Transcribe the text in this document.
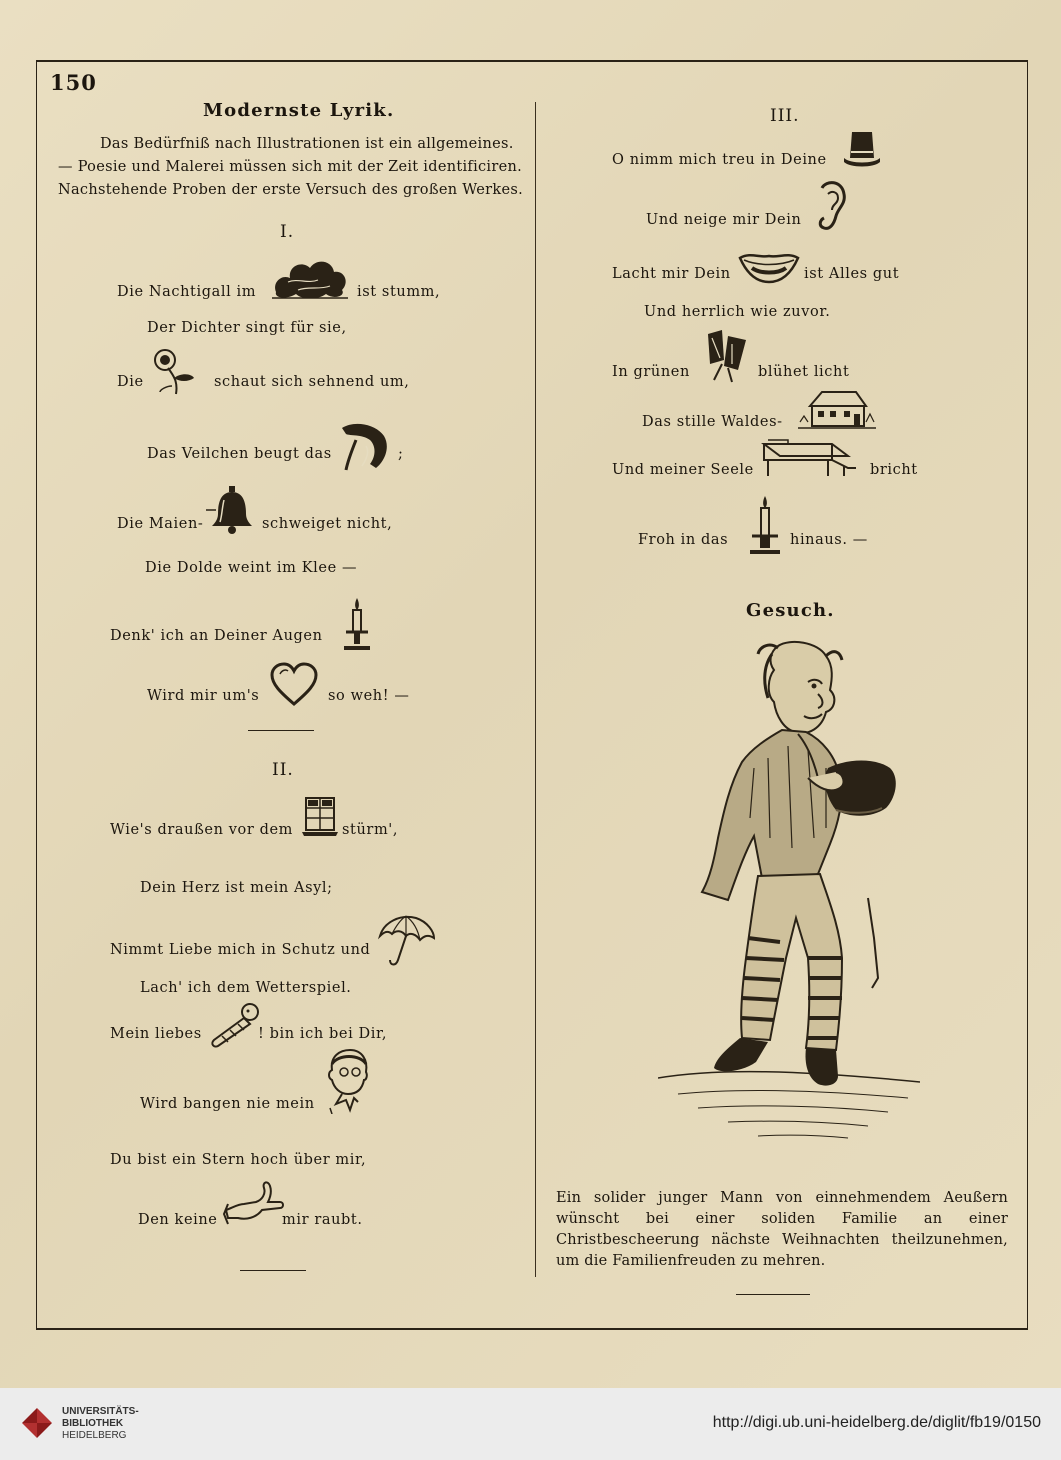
150
Modernste Lyrik.
Das Bedürfniß nach Illustrationen ist ein allgemeines.
— Poesie und Malerei müssen sich mit der Zeit identificiren.
Nachstehende Proben der erste Versuch des großen Werkes.
I.
Die Nachtigall im	ist stumm,
Der Dichter singt für sie,
Die	schaut sich sehnend um,
Das Veilchen beugt das	;
Die Maien-	schweiget nicht,
Die Dolde weint im Klee —
Denk' ich an Deiner Augen
Wird mir um's	so weh! —
II.
Wie's draußen vor dem	stürm',
Dein Herz ist mein Asyl;
Nimmt Liebe mich in Schutz und
Lach' ich dem Wetterspiel.
Mein liebes	! bin ich bei Dir,
Wird bangen nie mein
Du bist ein Stern hoch über mir,
Den keine	mir raubt.
III.
O nimm mich treu in Deine
Und neige mir Dein
Lacht mir Dein	ist Alles gut
Und herrlich wie zuvor.
In grünen	blühet licht
Das stille Waldes-
Und meiner Seele	bricht
Froh in das	hinaus. —
Gesuch.
Ein solider junger Mann von einnehmendem Aeußern wünscht bei einer soliden Familie an einer Christbescheerung nächste Weihnachten theilzunehmen, um die Familienfreuden zu mehren.
UNIVERSITÄTS-
BIBLIOTHEK
HEIDELBERG
http://digi.ub.uni-heidelberg.de/diglit/fb19/0150
